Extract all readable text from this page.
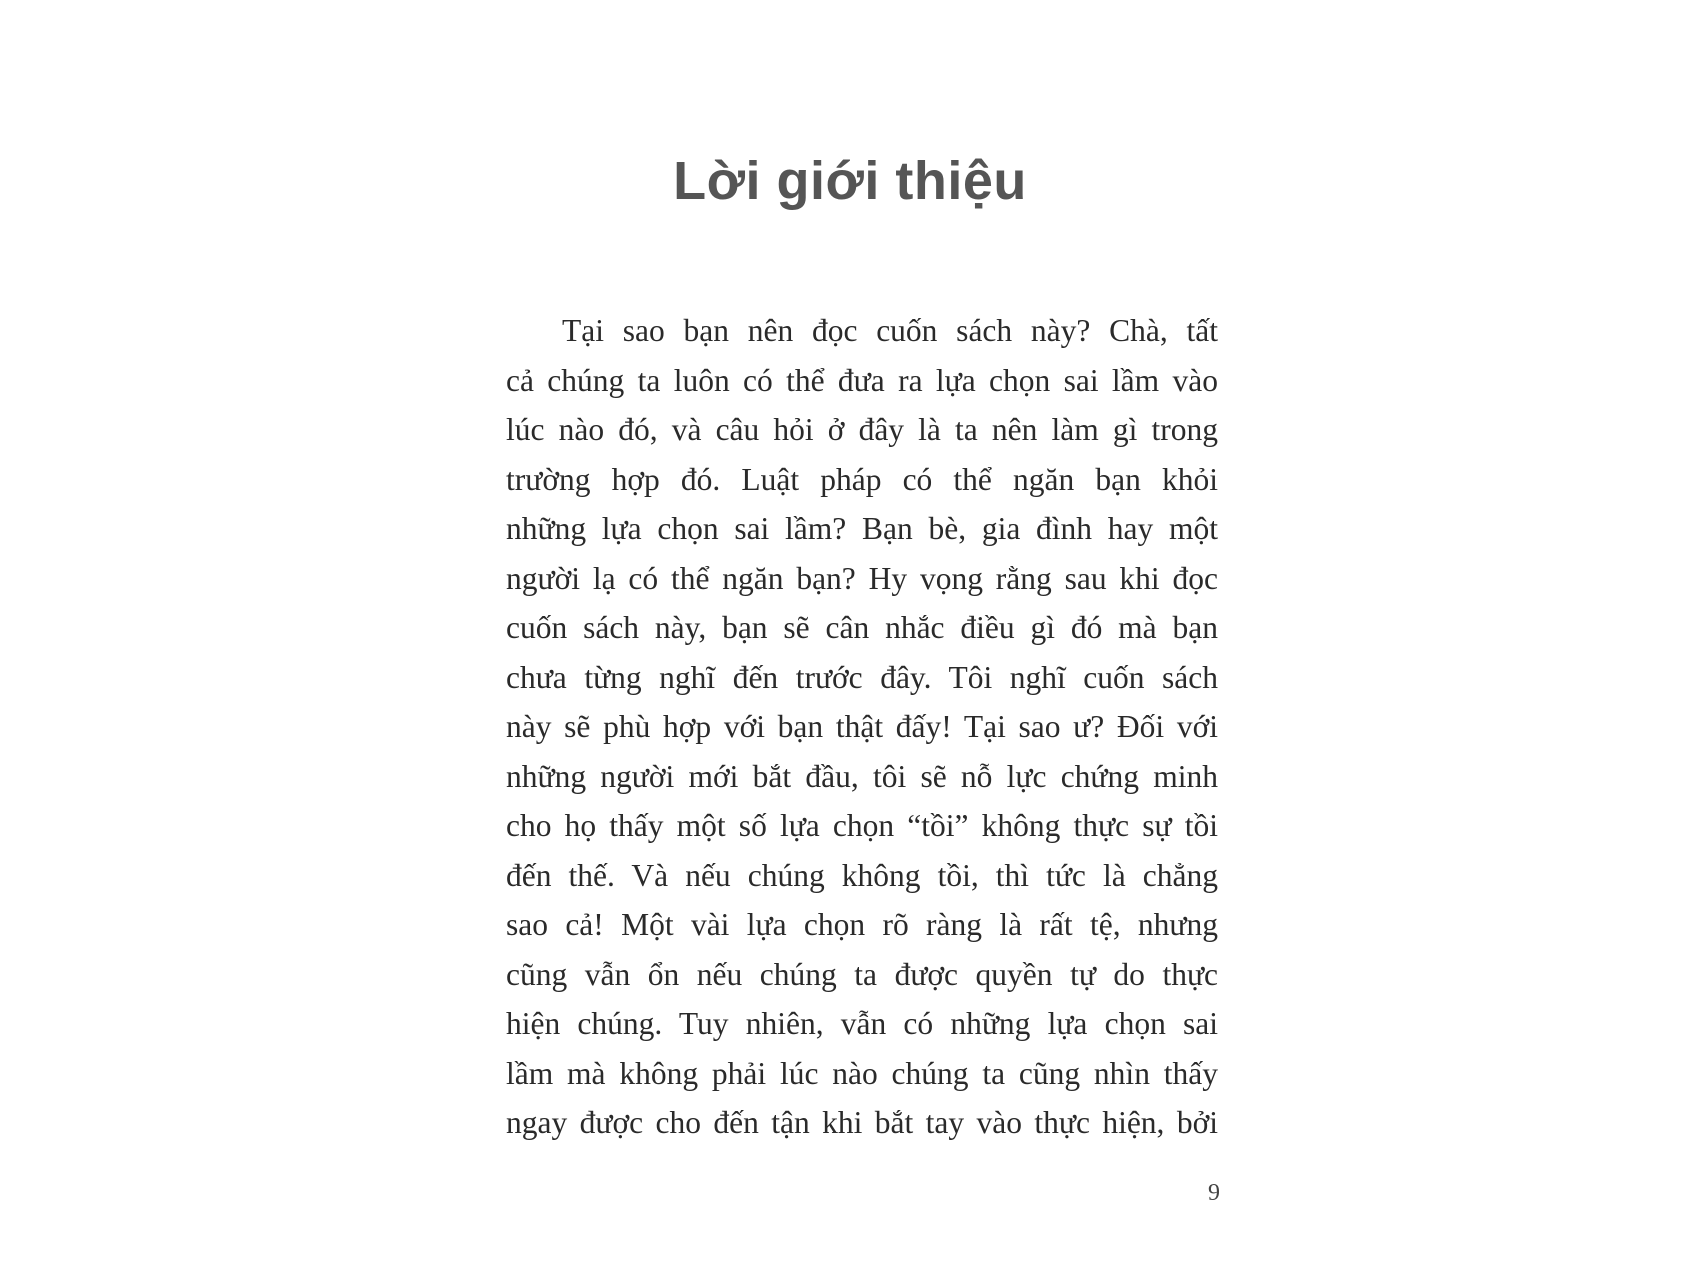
Lời giới thiệu
Tại sao bạn nên đọc cuốn sách này? Chà, tất
cả chúng ta luôn có thể đưa ra lựa chọn sai lầm vào
lúc nào đó, và câu hỏi ở đây là ta nên làm gì trong
trường hợp đó. Luật pháp có thể ngăn bạn khỏi
những lựa chọn sai lầm? Bạn bè, gia đình hay một
người lạ có thể ngăn bạn? Hy vọng rằng sau khi đọc
cuốn sách này, bạn sẽ cân nhắc điều gì đó mà bạn
chưa từng nghĩ đến trước đây. Tôi nghĩ cuốn sách
này sẽ phù hợp với bạn thật đấy! Tại sao ư? Đối với
những người mới bắt đầu, tôi sẽ nỗ lực chứng minh
cho họ thấy một số lựa chọn “tồi” không thực sự tồi
đến thế. Và nếu chúng không tồi, thì tức là chẳng
sao cả! Một vài lựa chọn rõ ràng là rất tệ, nhưng
cũng vẫn ổn nếu chúng ta được quyền tự do thực
hiện chúng. Tuy nhiên, vẫn có những lựa chọn sai
lầm mà không phải lúc nào chúng ta cũng nhìn thấy
ngay được cho đến tận khi bắt tay vào thực hiện, bởi
9
